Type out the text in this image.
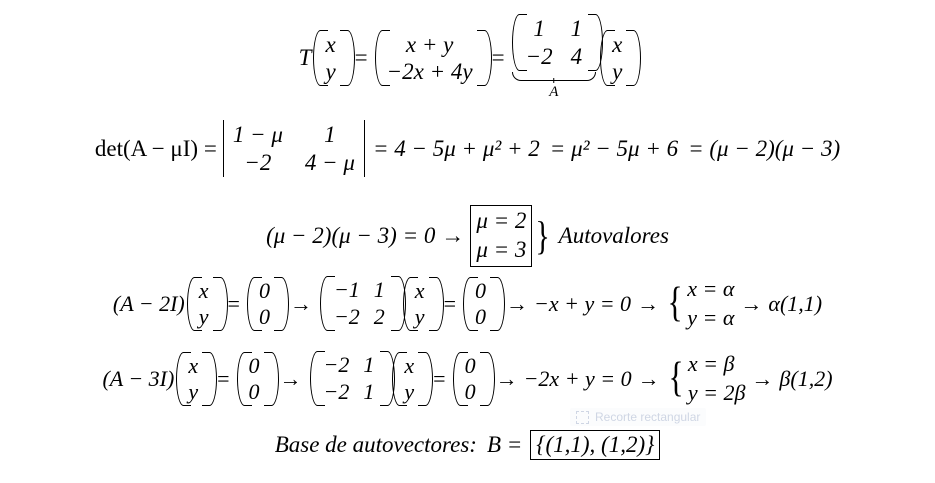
T
x
y
=
x + y
−2x + 4y
=
1 1
−2 4
A
x
y
det(A − μI) =
1 − μ 1
−2 4 − μ
= 4 − 5μ + μ² + 2 = μ² − 5μ + 6 = (μ − 2)(μ − 3)
(μ − 2)(μ − 3) = 0 →
μ = 2
μ = 3 } Autovalores
(A − 2I)
x
y
=
0
0
→
−1 1
−2 2
x
y
=
0
0
→ −x + y = 0 → { x = α
y = α
→ α(1,1)
(A − 3I)
x
y
=
0
0
→
−2 1
−2 1
x
y
=
0
0
→ −2x + y = 0 → { x = β
y = 2β
→ β(1,2)
Base de autovectores: B = {(1,1), (1,2)}
Recorte rectangular
